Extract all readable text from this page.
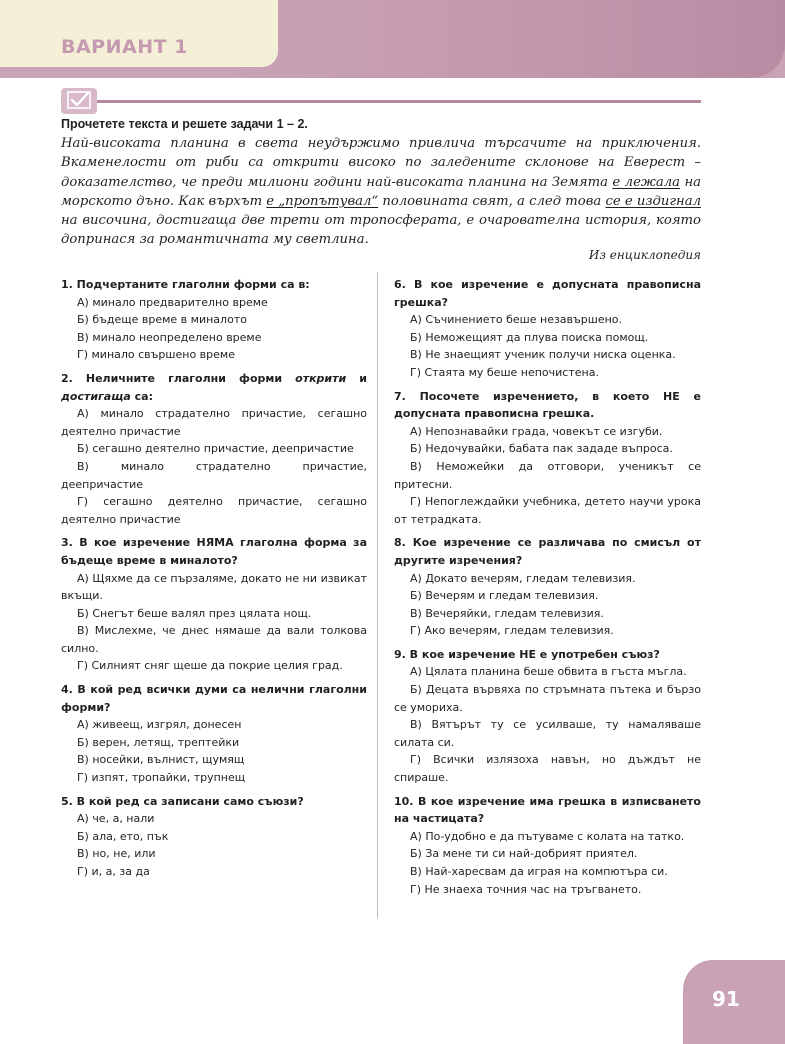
ВАРИАНТ 1
Прочетете текста и решете задачи 1 – 2.

Най-високата планина в света неудържимо привлича търсачите на приключения. Вкаменелости от риби са открити високо по заледените склонове на Еверест – доказателство, че преди милиони години най-високата планина на Земята е лежала на морското дъно. Как върхът е „пропътувал“ половината свят, а след това се е издигнал на височина, достигаща две трети от тропосферата, е очарователна история, която допринася за романтичната му светлина.

Из енциклопедия
1. Подчертаните глаголни форми са в:
А) минало предварително време
Б) бъдеще време в миналото
В) минало неопределено време
Г) минало свършено време
2. Неличните глаголни форми открити и достигаща са:
А) минало страдателно причастие, сегашно деятелно причастие
Б) сегашно деятелно причастие, деепричастие
В) минало страдателно причастие, деепричастие
Г) сегашно деятелно причастие, сегашно деятелно причастие
3. В кое изречение НЯМА глаголна форма за бъдеще време в миналото?
А) Щяхме да се пързаляме, докато не ни извикат вкъщи.
Б) Снегът беше валял през цялата нощ.
В) Мислехме, че днес нямаше да вали толкова силно.
Г) Силният сняг щеше да покрие целия град.
4. В кой ред всички думи са нелични глаголни форми?
А) живеещ, изгрял, донесен
Б) верен, летящ, трептейки
В) носейки, вълнист, щумящ
Г) изпят, тропайки, трупнещ
5. В кой ред са записани само съюзи?
А) че, а, нали
Б) ала, ето, пък
В) но, не, или
Г) и, а, за да
6. В кое изречение е допусната правописна грешка?
А) Съчинението беше незавършено.
Б) Неможещият да плува поиска помощ.
В) Не знаещият ученик получи ниска оценка.
Г) Стаята му беше непочистена.
7. Посочете изречението, в което НЕ е допусната правописна грешка.
А) Непознавайки града, човекът се изгуби.
Б) Недочувайки, бабата пак зададе въпроса.
В) Неможейки да отговори, ученикът се притесни.
Г) Непоглеждайки учебника, детето научи урока от тетрадката.
8. Кое изречение се различава по смисъл от другите изречения?
А) Докато вечерям, гледам телевизия.
Б) Вечерям и гледам телевизия.
В) Вечеряйки, гледам телевизия.
Г) Ако вечерям, гледам телевизия.
9. В кое изречение НЕ е употребен съюз?
А) Цялата планина беше обвита в гъста мъгла.
Б) Децата вървяха по стръмната пътека и бързо се умориха.
В) Вятърът ту се усилваше, ту намаляваше силата си.
Г) Всички излязоха навън, но дъждът не спираше.
10. В кое изречение има грешка в изписването на частицата?
А) По-удобно е да пътуваме с колата на татко.
Б) За мене ти си най-добрият приятел.
В) Най-харесвам да играя на компютъра си.
Г) Не знаеха точния час на тръгването.
91
